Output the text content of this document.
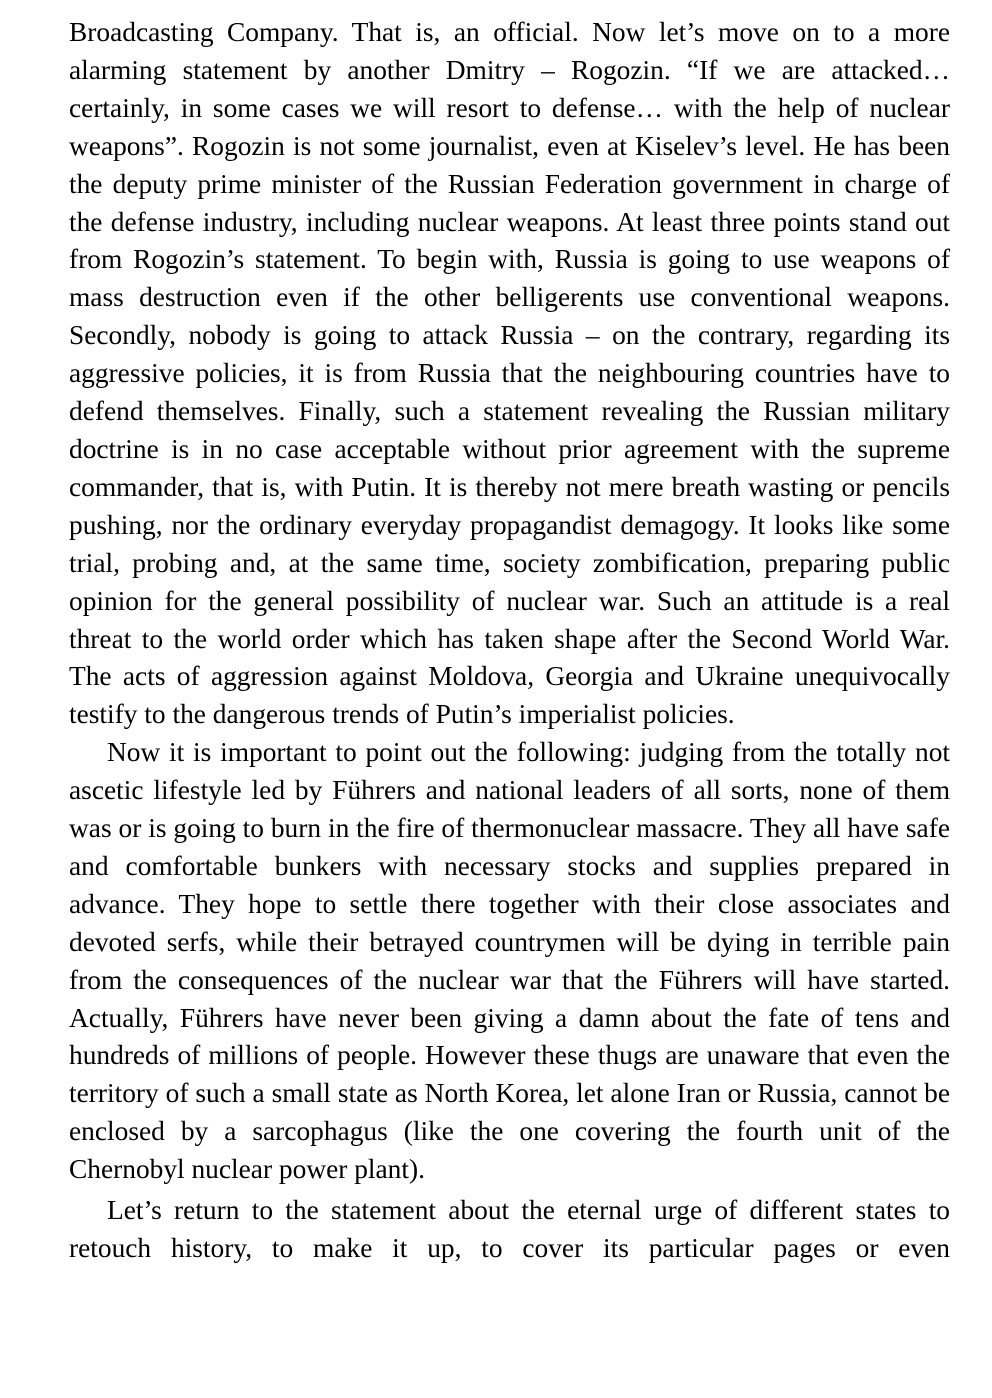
Broadcasting Company. That is, an official. Now let’s move on to a more alarming statement by another Dmitry – Rogozin. “If we are attacked… certainly, in some cases we will resort to defense… with the help of nuclear weapons”. Rogozin is not some journalist, even at Kiselev’s level. He has been the deputy prime minister of the Russian Federation government in charge of the defense industry, including nuclear weapons. At least three points stand out from Rogozin’s statement. To begin with, Russia is going to use weapons of mass destruction even if the other belligerents use conventional weapons. Secondly, nobody is going to attack Russia – on the contrary, regarding its aggressive policies, it is from Russia that the neighbouring countries have to defend themselves. Finally, such a statement revealing the Russian military doctrine is in no case acceptable without prior agreement with the supreme commander, that is, with Putin. It is thereby not mere breath wasting or pencils pushing, nor the ordinary everyday propagandist demagogy. It looks like some trial, probing and, at the same time, society zombification, preparing public opinion for the general possibility of nuclear war. Such an attitude is a real threat to the world order which has taken shape after the Second World War. The acts of aggression against Moldova, Georgia and Ukraine unequivocally testify to the dangerous trends of Putin’s imperialist policies.

Now it is important to point out the following: judging from the totally not ascetic lifestyle led by Führers and national leaders of all sorts, none of them was or is going to burn in the fire of thermonuclear massacre. They all have safe and comfortable bunkers with necessary stocks and supplies prepared in advance. They hope to settle there together with their close associates and devoted serfs, while their betrayed countrymen will be dying in terrible pain from the consequences of the nuclear war that the Führers will have started. Actually, Führers have never been giving a damn about the fate of tens and hundreds of millions of people. However these thugs are unaware that even the territory of such a small state as North Korea, let alone Iran or Russia, cannot be enclosed by a sarcophagus (like the one covering the fourth unit of the Chernobyl nuclear power plant).

Let’s return to the statement about the eternal urge of different states to retouch history, to make it up, to cover its particular pages or even
